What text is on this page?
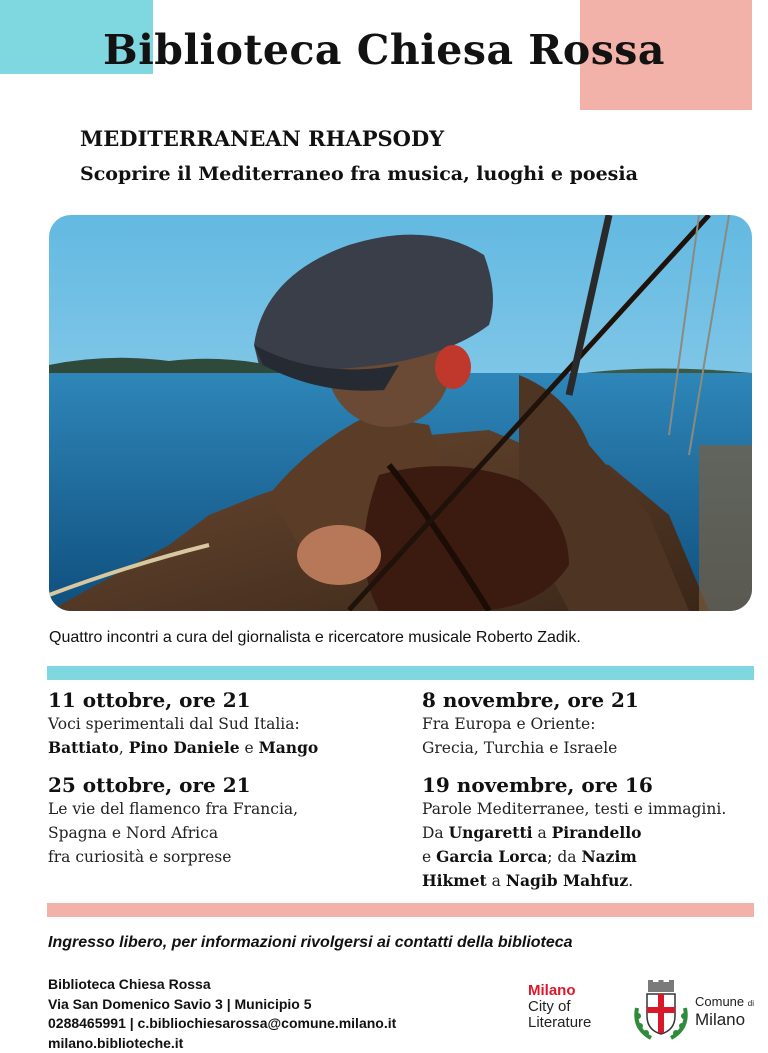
Biblioteca Chiesa Rossa
MEDITERRANEAN RHAPSODY
Scoprire il Mediterraneo fra musica, luoghi e poesia
Quattro incontri a cura del giornalista e ricercatore musicale Roberto Zadik.
11 ottobre, ore 21
Voci sperimentali dal Sud Italia:
Battiato, Pino Daniele e Mango
25 ottobre, ore 21
Le vie del flamenco fra Francia,
Spagna e Nord Africa
fra curiosità e sorprese
8 novembre, ore 21
Fra Europa e Oriente:
Grecia, Turchia e Israele
19 novembre, ore 16
Parole Mediterranee, testi e immagini.
Da Ungaretti a Pirandello
e Garcia Lorca; da Nazim
Hikmet a Nagib Mahfuz.
Ingresso libero, per informazioni rivolgersi ai contatti della biblioteca
Biblioteca Chiesa Rossa
Via San Domenico Savio 3 | Municipio 5
0288465991 | c.bibliochiesarossa@comune.milano.it
milano.biblioteche.it
Milano
City of
Literature
Comune di
Milano
